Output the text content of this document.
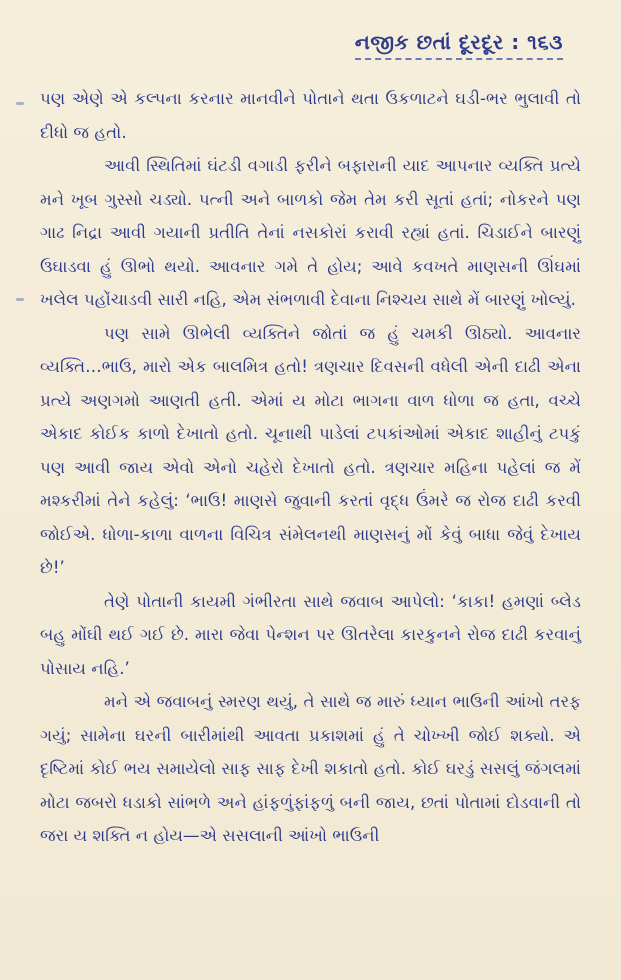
નજીક છતાં દૂરદૂર : ૧૬૩

પણ એણે એ કલ્પના કરનાર માનવીને પોતાને થતા ઉકળાટને ઘડી-ભર ભુલાવી તો દીધો જ હતો.

આવી સ્થિતિમાં ઘંટડી વગાડી ફરીને બફારાની યાદ આપનાર વ્યક્તિ પ્રત્યે મને ખૂબ ગુસ્સો ચડ્યો. પત્ની અને બાળકો જેમ તેમ કરી સૂતાં હતાં; નોકરને પણ ગાઢ નિદ્રા આવી ગયાની પ્રતીતિ તેનાં નસકોરાં કરાવી રહ્યાં હતાં. ચિડાઈને બારણું ઉઘાડવા હું ઊભો થયો. આવનાર ગમે તે હોય; આવે કવખતે માણસની ઊંઘમાં ખલેલ પહોંચાડવી સારી નહિ, એમ સંભળાવી દેવાના નિશ્ચય સાથે મેં બારણું ખોલ્યું.

પણ સામે ઊભેલી વ્યક્તિને જોતાં જ હું ચમકી ઊઠ્યો. આવનાર વ્યક્તિ…ભાઉ, મારો એક બાલમિત્ર હતો! ત્રણચાર દિવસની વધેલી એની દાઢી એના પ્રત્યે અણગમો આણતી હતી. એમાં ય મોટા ભાગના વાળ ધોળા જ હતા, વચ્ચે એકાદ કોઈક કાળો દેખાતો હતો. ચૂનાથી પાડેલાં ટપકાંઓમાં એકાદ શાહીનું ટપકું પણ આવી જાય એવો એનો ચહેરો દેખાતો હતો. ત્રણચાર મહિના પહેલાં જ મેં મશ્કરીમાં તેને કહેલું: ‘ભાઉ! માણસે જુવાની કરતાં વૃદ્ધ ઉંમરે જ રોજ દાઢી કરવી જોઈએ. ધોળા-કાળા વાળના વિચિત્ર સંમેલનથી માણસનું મોં કેવું બાધા જેવું દેખાય છે!’

તેણે પોતાની કાયમી ગંભીરતા સાથે જવાબ આપેલો: ‘કાકા! હમણાં બ્લેડ બહુ મોંઘી થઈ ગઈ છે. મારા જેવા પેન્શન પર ઊતરેલા કારકુનને રોજ દાઢી કરવાનું પોસાય નહિ.’

મને એ જવાબનું સ્મરણ થયું, તે સાથે જ મારું ધ્યાન ભાઉની આંખો તરફ ગયું; સામેના ઘરની બારીમાંથી આવતા પ્રકાશમાં હું તે ચોખ્ખી જોઈ શક્યો. એ દૃષ્ટિમાં કોઈ ભય સમાયેલો સાફ સાફ દેખી શકાતો હતો. કોઈ ઘરડું સસલું જંગલમાં મોટા જબરો ધડાકો સાંભળે અને હાંફળુંફાંફળું બની જાય, છતાં પોતામાં દોડવાની તો જરા ય શક્તિ ન હોય—એ સસલાની આંખો ભાઉની
